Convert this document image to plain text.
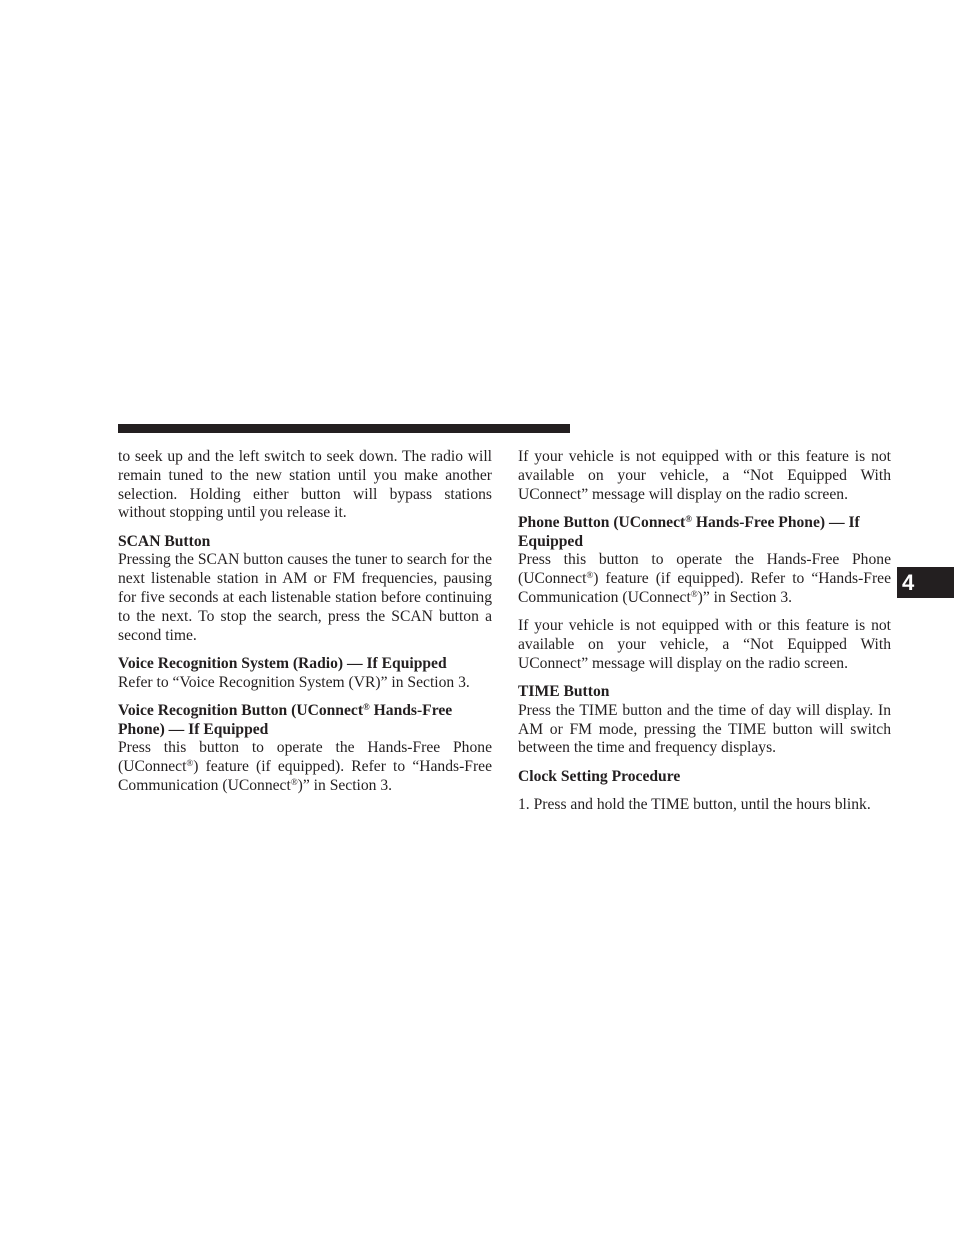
4

to seek up and the left switch to seek down. The radio will remain tuned to the new station until you make another selection. Holding either button will bypass stations without stopping until you release it.

SCAN Button

Pressing the SCAN button causes the tuner to search for the next listenable station in AM or FM frequencies, pausing for five seconds at each listenable station before continuing to the next. To stop the search, press the SCAN button a second time.

Voice Recognition System (Radio) — If Equipped

Refer to “Voice Recognition System (VR)” in Section 3.

Voice Recognition Button (UConnect® Hands-Free Phone) — If Equipped

Press this button to operate the Hands-Free Phone (UConnect®) feature (if equipped). Refer to “Hands-Free Communication (UConnect®)” in Section 3.

If your vehicle is not equipped with or this feature is not available on your vehicle, a “Not Equipped With UConnect” message will display on the radio screen.

Phone Button (UConnect® Hands-Free Phone) — If Equipped

Press this button to operate the Hands-Free Phone (UConnect®) feature (if equipped). Refer to “Hands-Free Communication (UConnect®)” in Section 3.

If your vehicle is not equipped with or this feature is not available on your vehicle, a “Not Equipped With UConnect” message will display on the radio screen.

TIME Button

Press the TIME button and the time of day will display. In AM or FM mode, pressing the TIME button will switch between the time and frequency displays.

Clock Setting Procedure

1. Press and hold the TIME button, until the hours blink.
